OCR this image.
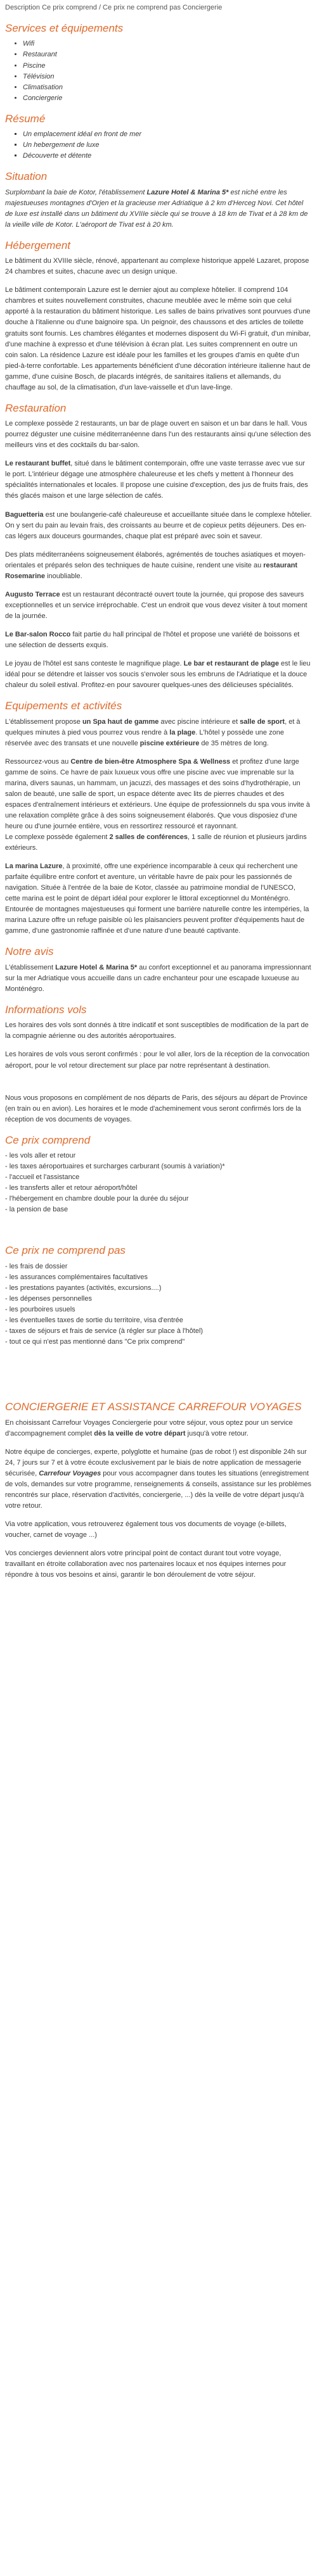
Description Ce prix comprend / Ce prix ne comprend pas Conciergerie
Services et équipements
• Wifi
• Restaurant
• Piscine
• Télévision
• Climatisation
• Conciergerie
Résumé
▪ Un emplacement idéal en front de mer
▪ Un hebergement de luxe
▪ Découverte et détente
Situation

Surplombant la baie de Kotor, l'établissement Lazure Hotel & Marina 5* est niché entre les majestueuses montagnes d'Orjen et la gracieuse mer Adriatique à 2 km d'Herceg Novi. Cet hôtel de luxe est installé dans un bâtiment du XVIIIe siècle qui se trouve à 18 km de Tivat et à 28 km de la vieille ville de Kotor. L'aéroport de Tivat est à 20 km.

Hébergement

Le bâtiment du XVIIIe siècle, rénové, appartenant au complexe historique appelé Lazaret, propose 24 chambres et suites, chacune avec un design unique.

Le bâtiment contemporain Lazure est le dernier ajout au complexe hôtelier. Il comprend 104 chambres et suites nouvellement construites, chacune meublée avec le même soin que celui apporté à la restauration du bâtiment historique. Les salles de bains privatives sont pourvues d'une douche à l'italienne ou d'une baignoire spa. Un peignoir, des chaussons et des articles de toilette gratuits sont fournis. Les chambres élégantes et modernes disposent du Wi-Fi gratuit, d'un minibar, d'une machine à expresso et d'une télévision à écran plat. Les suites comprennent en outre un coin salon. La résidence Lazure est idéale pour les familles et les groupes d'amis en quête d'un pied-à-terre confortable. Les appartements bénéficient d'une décoration intérieure italienne haut de gamme, d'une cuisine Bosch, de placards intégrés, de sanitaires italiens et allemands, du chauffage au sol, de la climatisation, d'un lave-vaisselle et d'un lave-linge.

Restauration

Le complexe possède 2 restaurants, un bar de plage ouvert en saison et un bar dans le hall. Vous pourrez déguster une cuisine méditerranéenne dans l'un des restaurants ainsi qu'une sélection des meilleurs vins et des cocktails du bar-salon.

Le restaurant buffet, situé dans le bâtiment contemporain, offre une vaste terrasse avec vue sur le port. L'intérieur dégage une atmosphère chaleureuse et les chefs y mettent à l'honneur des spécialités internationales et locales. Il propose une cuisine d'exception, des jus de fruits frais, des thés glacés maison et une large sélection de cafés.

Baguetteria est une boulangerie-café chaleureuse et accueillante située dans le complexe hôtelier. On y sert du pain au levain frais, des croissants au beurre et de copieux petits déjeuners. Des en-cas légers aux douceurs gourmandes, chaque plat est préparé avec soin et saveur.

Des plats méditerranéens soigneusement élaborés, agrémentés de touches asiatiques et moyen-orientales et préparés selon des techniques de haute cuisine, rendent une visite au restaurant Rosemarine inoubliable.

Augusto Terrace est un restaurant décontracté ouvert toute la journée, qui propose des saveurs exceptionnelles et un service irréprochable. C'est un endroit que vous devez visiter à tout moment de la journée.

Le Bar-salon Rocco fait partie du hall principal de l'hôtel et propose une variété de boissons et une sélection de desserts exquis.

Le joyau de l'hôtel est sans conteste le magnifique plage. Le bar et restaurant de plage est le lieu idéal pour se détendre et laisser vos soucis s'envoler sous les embruns de l'Adriatique et la douce chaleur du soleil estival. Profitez-en pour savourer quelques-unes des délicieuses spécialités.

Equipements et activités

L'établissement propose un Spa haut de gamme avec piscine intérieure et salle de sport, et à quelques minutes à pied vous pourrez vous rendre à la plage. L'hôtel y possède une zone réservée avec des transats et une nouvelle piscine extérieure de 35 mètres de long.

Ressourcez-vous au Centre de bien-être Atmosphere Spa & Wellness et profitez d'une large gamme de soins. Ce havre de paix luxueux vous offre une piscine avec vue imprenable sur la marina, divers saunas, un hammam, un jacuzzi, des massages et des soins d'hydrothérapie, un salon de beauté, une salle de sport, un espace détente avec lits de pierres chaudes et des espaces d'entraînement intérieurs et extérieurs. Une équipe de professionnels du spa vous invite à une relaxation complète grâce à des soins soigneusement élaborés. Que vous disposiez d'une heure ou d'une journée entière, vous en ressortirez ressourcé et rayonnant.
Le complexe possède également 2 salles de conférences, 1 salle de réunion et plusieurs jardins extérieurs.

La marina Lazure, à proximité, offre une expérience incomparable à ceux qui recherchent une parfaite équilibre entre confort et aventure, un véritable havre de paix pour les passionnés de navigation. Située à l'entrée de la baie de Kotor, classée au patrimoine mondial de l'UNESCO, cette marina est le point de départ idéal pour explorer le littoral exceptionnel du Monténégro. Entourée de montagnes majestueuses qui forment une barrière naturelle contre les intempéries, la marina Lazure offre un refuge paisible où les plaisanciers peuvent profiter d'équipements haut de gamme, d'une gastronomie raffinée et d'une nature d'une beauté captivante.

Notre avis

L'établissement Lazure Hotel & Marina 5* au confort exceptionnel et au panorama impressionnant sur la mer Adriatique vous accueille dans un cadre enchanteur pour une escapade luxueuse au Monténégro.

Informations vols

Les horaires des vols sont donnés à titre indicatif et sont susceptibles de modification de la part de la compagnie aérienne ou des autorités aéroportuaires.

Les horaires de vols vous seront confirmés : pour le vol aller, lors de la réception de la convocation aéroport, pour le vol retour directement sur place par notre représentant à destination.

Nous vous proposons en complément de nos départs de Paris, des séjours au départ de Province (en train ou en avion). Les horaires et le mode d'acheminement vous seront confirmés lors de la réception de vos documents de voyages.

Ce prix comprend
- les vols aller et retour
- les taxes aéroportuaires et surcharges carburant (soumis à variation)*
- l'accueil et l'assistance
- les transferts aller et retour aéroport/hôtel
- l'hébergement en chambre double pour la durée du séjour
- la pension de base
Ce prix ne comprend pas
- les frais de dossier
- les assurances complémentaires facultatives
- les prestations payantes (activités, excursions....)
- les dépenses personnelles
- les pourboires usuels
- les éventuelles taxes de sortie du territoire, visa d'entrée
- taxes de séjours et frais de service (à régler sur place à l'hôtel)
- tout ce qui n'est pas mentionné dans "Ce prix comprend"
CONCIERGERIE ET ASSISTANCE CARREFOUR VOYAGES

En choisissant Carrefour Voyages Conciergerie pour votre séjour, vous optez pour un service d'accompagnement complet dès la veille de votre départ jusqu'à votre retour.

Notre équipe de concierges, experte, polyglotte et humaine (pas de robot !) est disponible 24h sur 24, 7 jours sur 7 et à votre écoute exclusivement par le biais de notre application de messagerie sécurisée, Carrefour Voyages pour vous accompagner dans toutes les situations (enregistrement de vols, demandes sur votre programme, renseignements & conseils, assistance sur les problèmes rencontrés sur place, réservation d'activités, conciergerie, ...) dès la veille de votre départ jusqu'à votre retour.

Via votre application, vous retrouverez également tous vos documents de voyage (e-billets, voucher, carnet de voyage ...)

Vos concierges deviennent alors votre principal point de contact durant tout votre voyage, travaillant en étroite collaboration avec nos partenaires locaux et nos équipes internes pour répondre à tous vos besoins et ainsi, garantir le bon déroulement de votre séjour.
